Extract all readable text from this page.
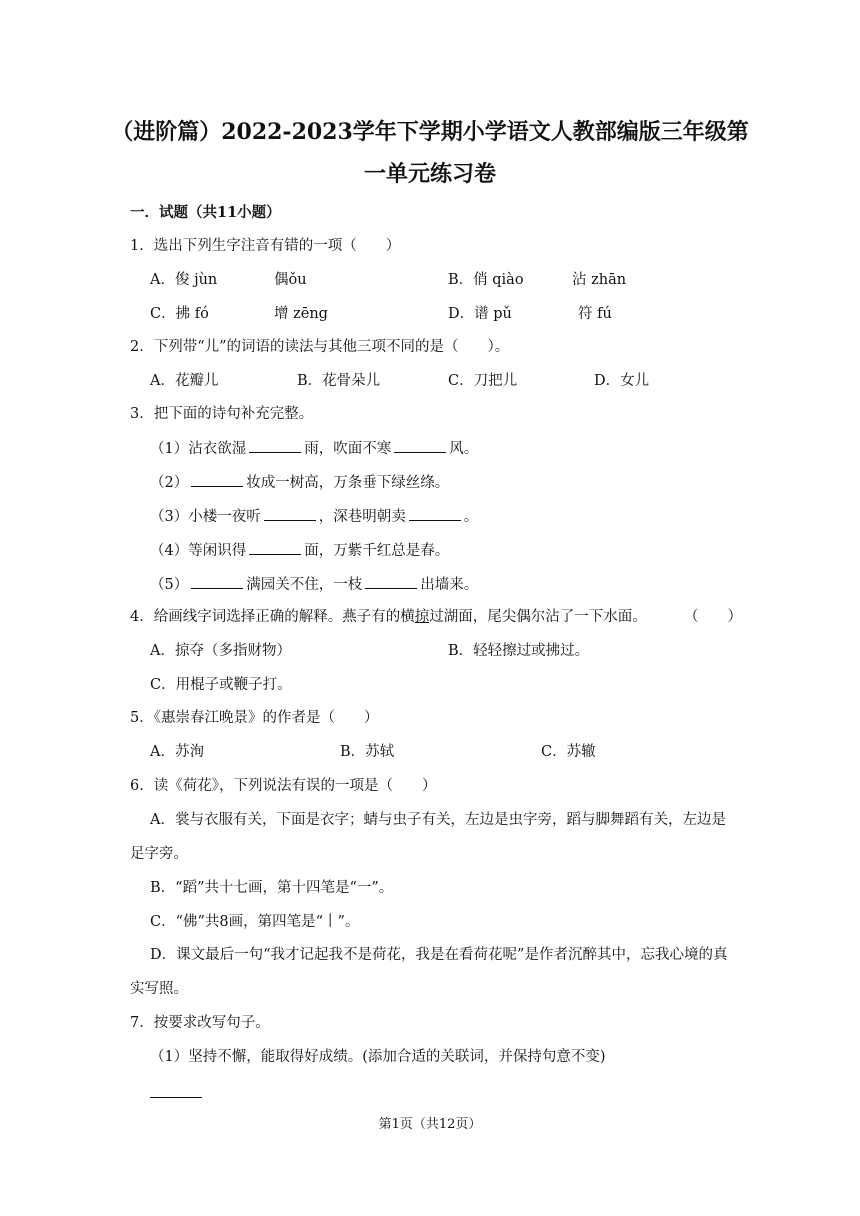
（进阶篇）2022-2023学年下学期小学语文人教部编版三年级第
一单元练习卷
一．试题（共11小题）
1．选出下列生字注音有错的一项（　　）
A．俊 jùn	偶ǒu	B．俏 qiào	沾 zhān
C．拂 fó	增 zēng	D．谱 pǔ	符 fú
2．下列带“儿”的词语的读法与其他三项不同的是（　　）。
A．花瓣儿	B．花骨朵儿	C．刀把儿	D．女儿
3．把下面的诗句补充完整。
（1）沾衣欲湿	雨，吹面不寒	风。
（2）	妆成一树高，万条垂下绿丝绦。
（3）小楼一夜听	，深巷明朝卖	。
（4）等闲识得	面，万紫千红总是春。
（5）	满园关不住，一枝	出墙来。
4．给画线字词选择正确的解释。燕子有的横掠过湖面，尾尖偶尔沾了一下水面。	（　　）
A．掠夺（多指财物）	B．轻轻擦过或拂过。
C．用棍子或鞭子打。
5．《惠崇春江晚景》的作者是（　　）
A．苏洵	B．苏轼	C．苏辙
6．读《荷花》，下列说法有误的一项是（　　）
A．裳与衣服有关，下面是衣字；蜻与虫子有关，左边是虫字旁，蹈与脚舞蹈有关，左边是足字旁。
B．“蹈”共十七画，第十四笔是“一”。
C．“佛”共8画，第四笔是“丨”。
D．课文最后一句“我才记起我不是荷花，我是在看荷花呢”是作者沉醉其中，忘我心境的真实写照。
7．按要求改写句子。
（1）坚持不懈，能取得好成绩。(添加合适的关联词，并保持句意不变)
第1页（共12页）
